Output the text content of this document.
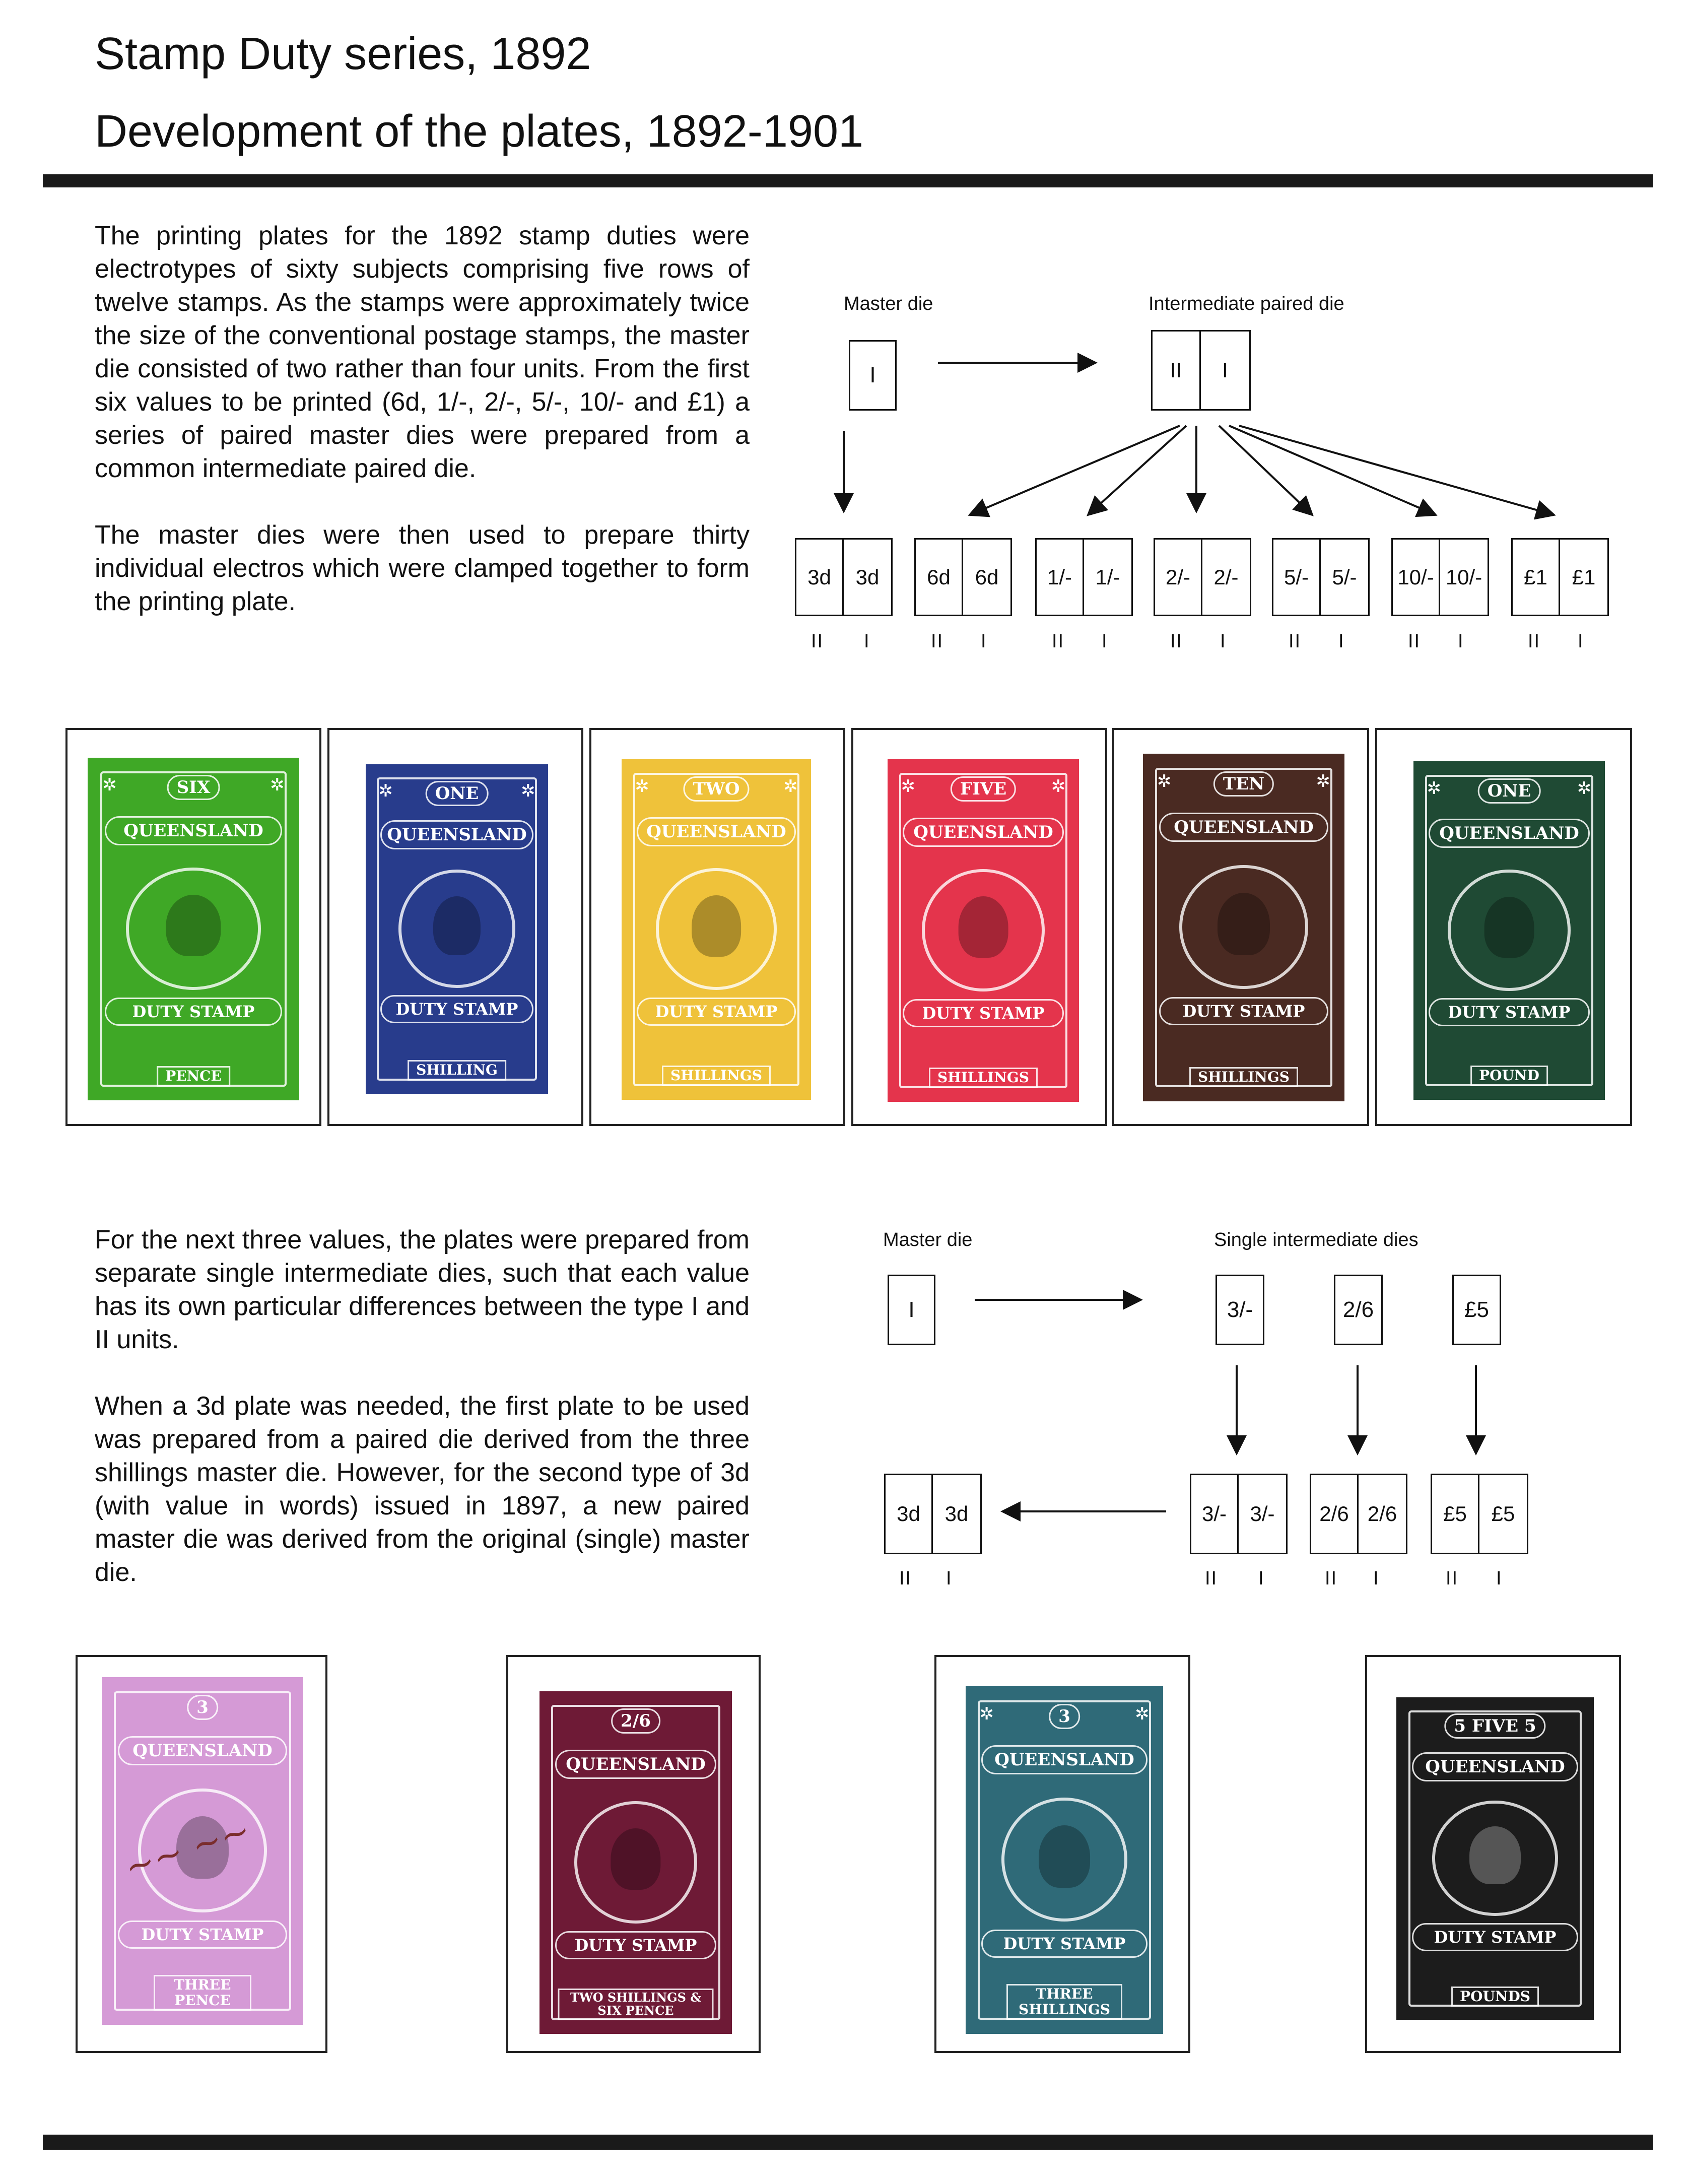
Stamp Duty series, 1892
Development of the plates, 1892-1901

The printing plates for the 1892 stamp duties were electrotypes of sixty subjects comprising five rows of twelve stamps. As the stamps were approximately twice the size of the conventional postage stamps, the master die consisted of two rather than four units. From the first six values to be printed (6d, 1/-, 2/-, 5/-, 10/- and £1) a series of paired master dies were prepared from a common intermediate paired die.

The master dies were then used to prepare thirty individual electros which were clamped together to form the printing plate.

Master die
I
Intermediate paired die
II	I
3d	3d
II I
6d	6d
II I
1/-	1/-
II I
2/-	2/-
II I
5/-	5/-
II I
10/- 10/-
II I
£1	£1
II I
SIX
✲	✲
QUEENSLAND
DUTY STAMP
PENCE
ONE
✲	✲
QUEENSLAND
DUTY STAMP
SHILLING
TWO
✲	✲
QUEENSLAND
DUTY STAMP
SHILLINGS
FIVE
✲	✲
QUEENSLAND
DUTY STAMP
SHILLINGS
TEN
✲	✲
QUEENSLAND
DUTY STAMP
SHILLINGS
ONE
✲	✲
QUEENSLAND
DUTY STAMP
POUND

For the next three values, the plates were prepared from separate single intermediate dies, such that each value has its own particular differences between the type I and II units.

When a 3d plate was needed, the first plate to be used was prepared from a paired die derived from the three shillings master die. However, for the second type of 3d (with value in words) issued in 1897, a new paired master die was derived from the original (single) master die.

Master die
I
Single intermediate dies
3/-	2/6	£5
3d	3d
II I
3/-	3/-
II I
2/6 2/6
II I
£5	£5
II I
3
QUEENSLAND
DUTY STAMP
THREE PENCE
~~ ~~
2/6
QUEENSLAND
DUTY STAMP
TWO SHILLINGS & SIX PENCE
3
✲	✲
QUEENSLAND
DUTY STAMP
THREE SHILLINGS
5 FIVE 5
QUEENSLAND
DUTY STAMP
POUNDS
